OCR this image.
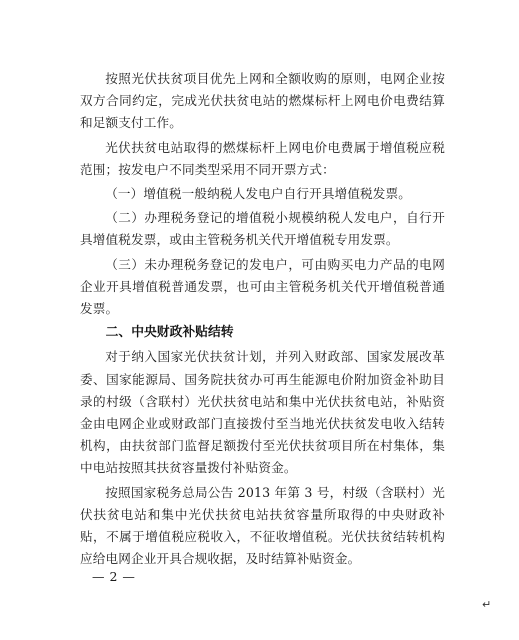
按照光伏扶贫项目优先上网和全额收购的原则，电网企业按双方合同约定，完成光伏扶贫电站的燃煤标杆上网电价电费结算和足额支付工作。

光伏扶贫电站取得的燃煤标杆上网电价电费属于增值税应税范围；按发电户不同类型采用不同开票方式：

（一）增值税一般纳税人发电户自行开具增值税发票。

（二）办理税务登记的增值税小规模纳税人发电户，自行开具增值税发票，或由主管税务机关代开增值税专用发票。

（三）未办理税务登记的发电户，可由购买电力产品的电网企业开具增值税普通发票，也可由主管税务机关代开增值税普通发票。

二、中央财政补贴结转

对于纳入国家光伏扶贫计划，并列入财政部、国家发展改革委、国家能源局、国务院扶贫办可再生能源电价附加资金补助目录的村级（含联村）光伏扶贫电站和集中光伏扶贫电站，补贴资金由电网企业或财政部门直接拨付至当地光伏扶贫发电收入结转机构，由扶贫部门监督足额拨付至光伏扶贫项目所在村集体，集中电站按照其扶贫容量拨付补贴资金。

按照国家税务总局公告 2013 年第 3 号，村级（含联村）光伏扶贫电站和集中光伏扶贫电站扶贫容量所取得的中央财政补贴，不属于增值税应税收入，不征收增值税。光伏扶贫结转机构应给电网企业开具合规收据，及时结算补贴资金。

— 2 —
↵
